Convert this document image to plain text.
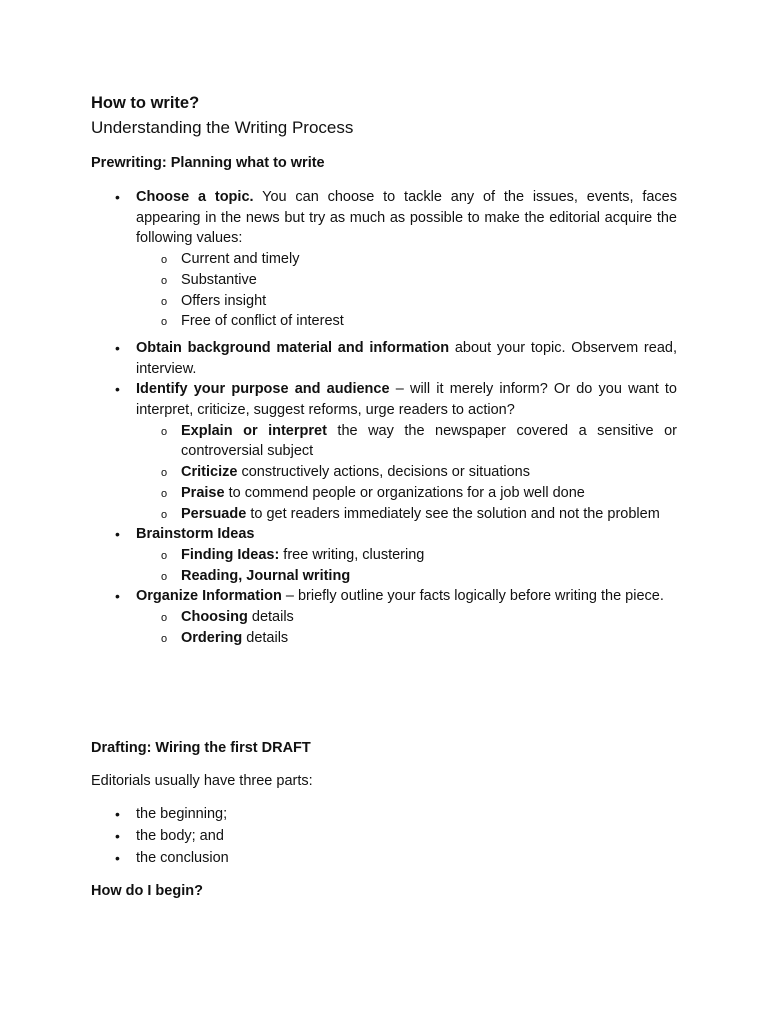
How to write?
Understanding the Writing Process
Prewriting: Planning what to write
• Choose a topic. You can choose to tackle any of the issues, events, faces appearing in the news but try as much as possible to make the editorial acquire the following values:
o Current and timely
o Substantive
o Offers insight
o Free of conflict of interest
• Obtain background material and information about your topic. Observem read, interview.
• Identify your purpose and audience – will it merely inform? Or do you want to interpret, criticize, suggest reforms, urge readers to action?
o Explain or interpret the way the newspaper covered a sensitive or controversial subject
o Criticize constructively actions, decisions or situations
o Praise to commend people or organizations for a job well done
o Persuade to get readers immediately see the solution and not the problem
• Brainstorm Ideas
o Finding Ideas: free writing, clustering
o Reading, Journal writing
• Organize Information – briefly outline your facts logically before writing the piece.
o Choosing details
o Ordering details
Drafting: Wiring the first DRAFT

Editorials usually have three parts:

• the beginning;
• the body; and
• the conclusion
How do I begin?
